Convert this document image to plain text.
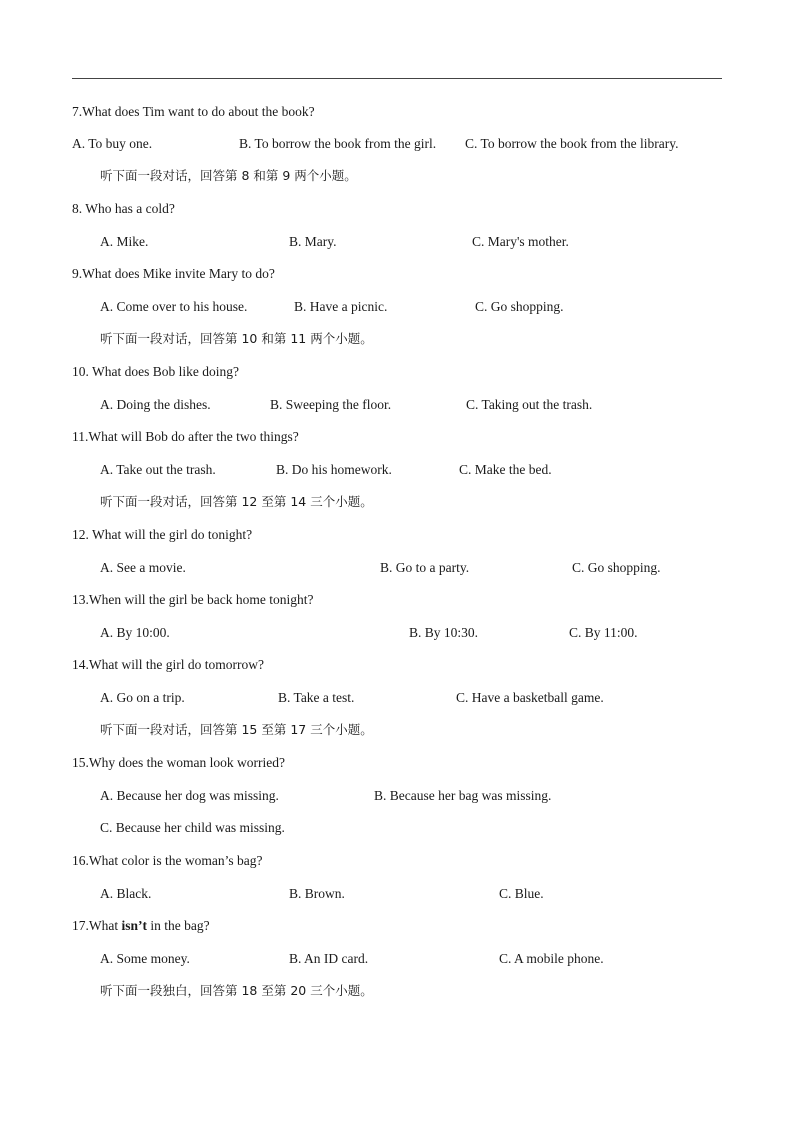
7.What does Tim want to do about the book?
A. To buy one.	B. To borrow the book from the girl. C. To borrow the book from the library.
听下面一段对话，回答第 8 和第 9 两个小题。
8. Who has a cold?
A. Mike.	B. Mary.	C. Mary's mother.
9.What does Mike invite Mary to do?
A. Come over to his house.	B. Have a picnic.	C. Go shopping.
听下面一段对话，回答第 10 和第 11 两个小题。
10. What does Bob like doing?
A. Doing the dishes.	B. Sweeping the floor.	C. Taking out the trash.
11.What will Bob do after the two things?
A. Take out the trash.	B. Do his homework.	C. Make the bed.
听下面一段对话，回答第 12 至第 14 三个小题。
12. What will the girl do tonight?
A. See a movie.	B. Go to a party.	C. Go shopping.
13.When will the girl be back home tonight?
A. By 10:00.	B. By 10:30.	C. By 11:00.
14.What will the girl do tomorrow?
A. Go on a trip.	B. Take a test.	C. Have a basketball game.
听下面一段对话，回答第 15 至第 17 三个小题。
15.Why does the woman look worried?
A. Because her dog was missing.	B. Because her bag was missing.
C. Because her child was missing.
16.What color is the woman’s bag?
A. Black.	B. Brown.	C. Blue.
17.What isn’t in the bag?
A. Some money.	B. An ID card.	C. A mobile phone.
听下面一段独白，回答第 18 至第 20 三个小题。
